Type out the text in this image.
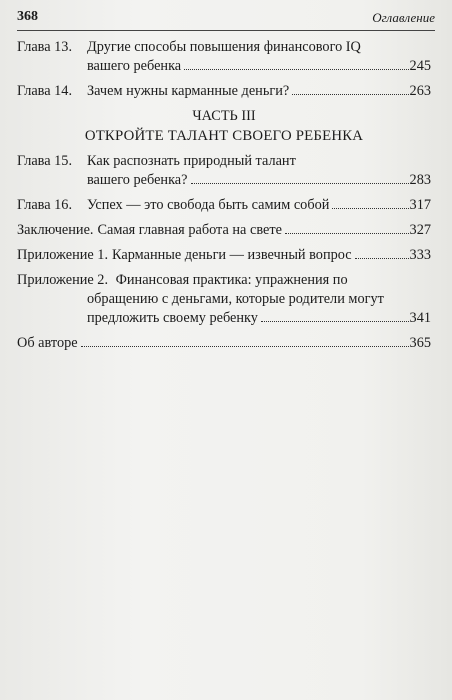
368	Оглавление
Глава 13.	Другие способы повышения финансового IQ
вашего ребенка	245
Глава 14.	Зачем нужны карманные деньги?	263
ЧАСТЬ III
ОТКРОЙТЕ ТАЛАНТ СВОЕГО РЕБЕНКА
Глава 15.	Как распознать природный талант
вашего ребенка?	283
Глава 16.	Успех — это свобода быть самим собой	317
Заключение. Самая главная работа на свете	327
Приложение 1. Карманные деньги — извечный вопрос	333
Приложение 2. Финансовая практика: упражнения по
обращению с деньгами, которые родители могут
предложить своему ребенку	341
Об авторе	365
